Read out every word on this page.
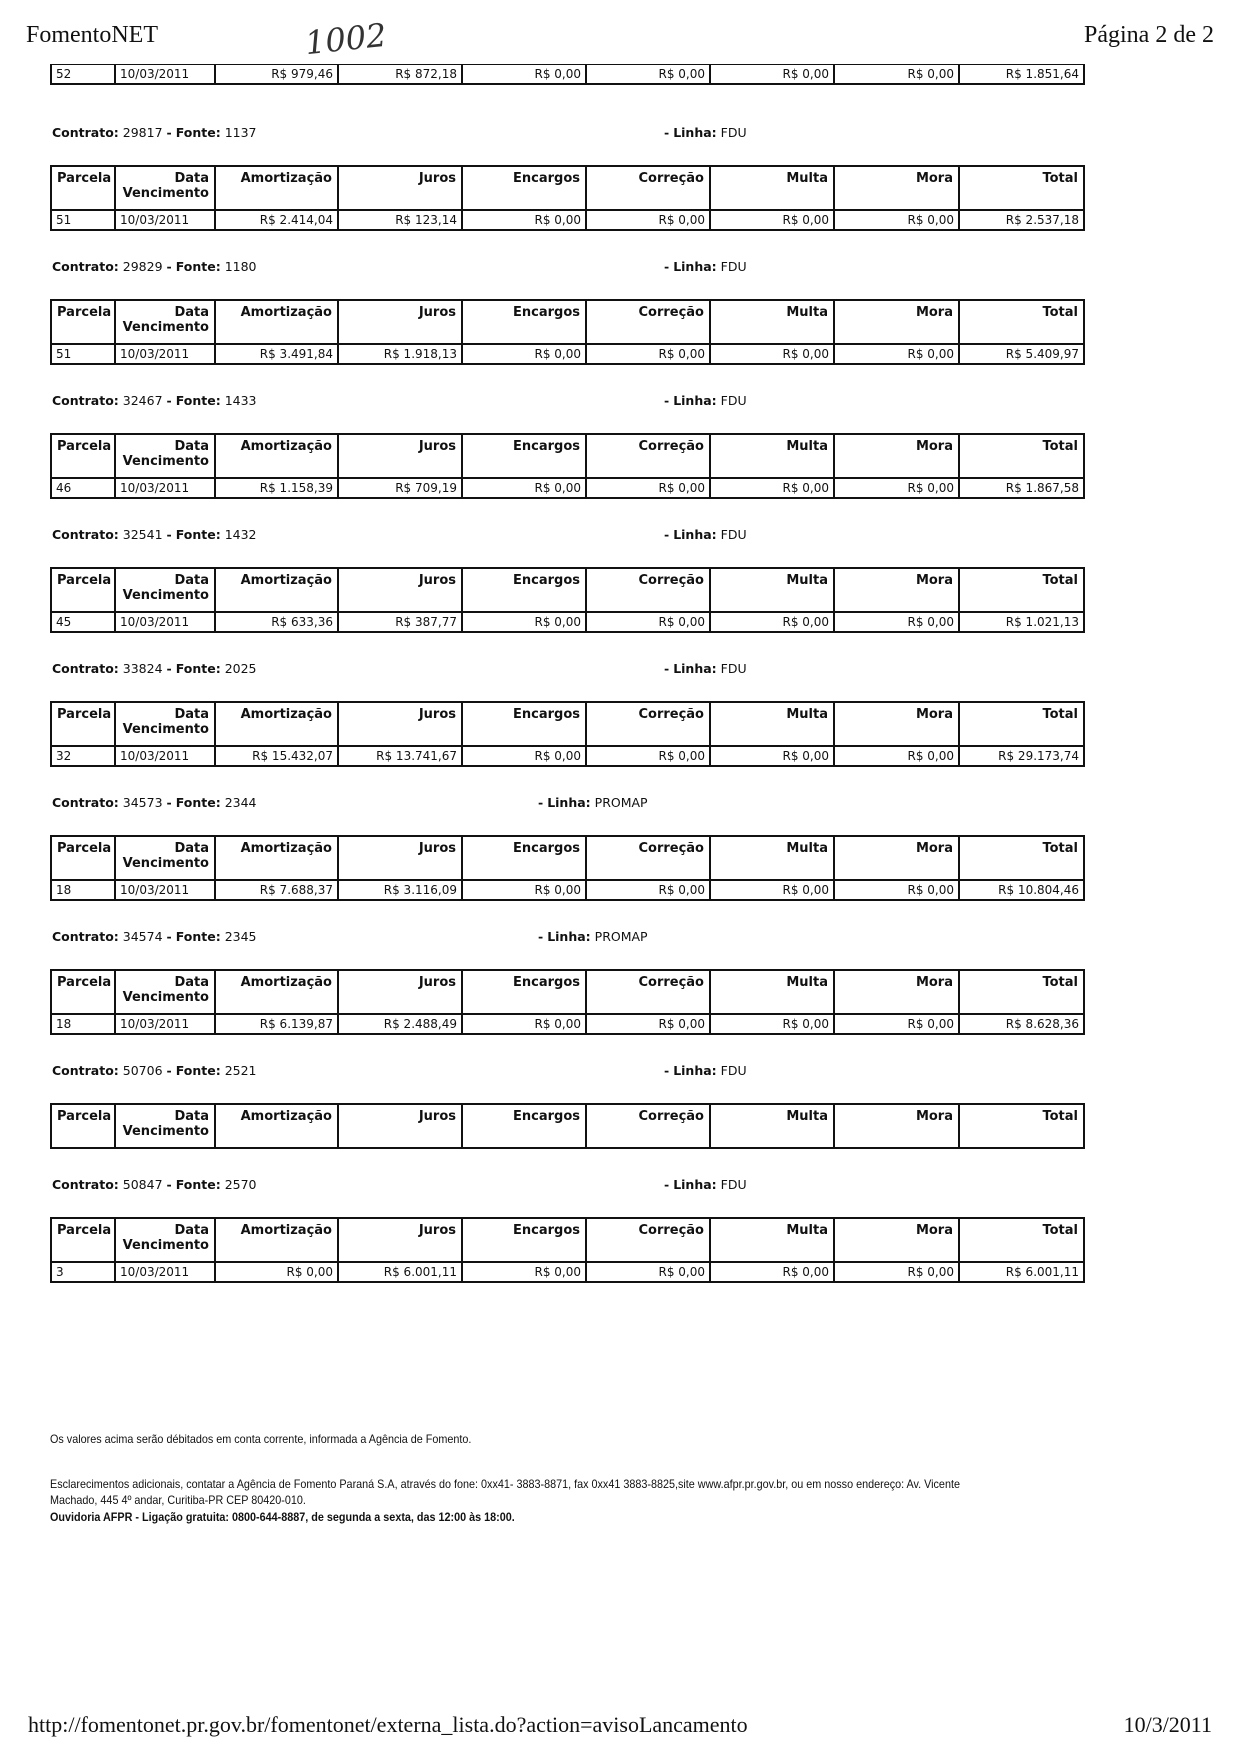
FomentoNET	1002	Página 2 de 2
52	10/03/2011	R$ 979,46	R$ 872,18	R$ 0,00	R$ 0,00	R$ 0,00	R$ 0,00	R$ 1.851,64
Contrato: 29817 - Fonte: 1137	- Linha: FDU
Parcela	Data Vencimento	Amortização	Juros	Encargos	Correção	Multa	Mora	Total
51	10/03/2011	R$ 2.414,04	R$ 123,14	R$ 0,00	R$ 0,00	R$ 0,00	R$ 0,00	R$ 2.537,18
Contrato: 29829 - Fonte: 1180	- Linha: FDU
Parcela	Data Vencimento	Amortização	Juros	Encargos	Correção	Multa	Mora	Total
51	10/03/2011	R$ 3.491,84	R$ 1.918,13	R$ 0,00	R$ 0,00	R$ 0,00	R$ 0,00	R$ 5.409,97
Contrato: 32467 - Fonte: 1433	- Linha: FDU
Parcela	Data Vencimento	Amortização	Juros	Encargos	Correção	Multa	Mora	Total
46	10/03/2011	R$ 1.158,39	R$ 709,19	R$ 0,00	R$ 0,00	R$ 0,00	R$ 0,00	R$ 1.867,58
Contrato: 32541 - Fonte: 1432	- Linha: FDU
Parcela	Data Vencimento	Amortização	Juros	Encargos	Correção	Multa	Mora	Total
45	10/03/2011	R$ 633,36	R$ 387,77	R$ 0,00	R$ 0,00	R$ 0,00	R$ 0,00	R$ 1.021,13
Contrato: 33824 - Fonte: 2025	- Linha: FDU
Parcela	Data Vencimento	Amortização	Juros	Encargos	Correção	Multa	Mora	Total
32	10/03/2011	R$ 15.432,07	R$ 13.741,67	R$ 0,00	R$ 0,00	R$ 0,00	R$ 0,00	R$ 29.173,74
Contrato: 34573 - Fonte: 2344	- Linha: PROMAP
Parcela	Data Vencimento	Amortização	Juros	Encargos	Correção	Multa	Mora	Total
18	10/03/2011	R$ 7.688,37	R$ 3.116,09	R$ 0,00	R$ 0,00	R$ 0,00	R$ 0,00	R$ 10.804,46
Contrato: 34574 - Fonte: 2345	- Linha: PROMAP
Parcela	Data Vencimento	Amortização	Juros	Encargos	Correção	Multa	Mora	Total
18	10/03/2011	R$ 6.139,87	R$ 2.488,49	R$ 0,00	R$ 0,00	R$ 0,00	R$ 0,00	R$ 8.628,36
Contrato: 50706 - Fonte: 2521	- Linha: FDU
Parcela	Data Vencimento	Amortização	Juros	Encargos	Correção	Multa	Mora	Total
Contrato: 50847 - Fonte: 2570	- Linha: FDU
Parcela	Data Vencimento	Amortização	Juros	Encargos	Correção	Multa	Mora	Total
3	10/03/2011	R$ 0,00	R$ 6.001,11	R$ 0,00	R$ 0,00	R$ 0,00	R$ 0,00	R$ 6.001,11
Os valores acima serão débitados em conta corrente, informada a Agência de Fomento.
Esclarecimentos adicionais, contatar a Agência de Fomento Paraná S.A, através do fone: 0xx41- 3883-8871, fax 0xx41 3883-8825,site www.afpr.pr.gov.br, ou em nosso endereço: Av. Vicente Machado, 445 4º andar, Curitiba-PR CEP 80420-010.
Ouvidoria AFPR - Ligação gratuita: 0800-644-8887, de segunda a sexta, das 12:00 às 18:00.
http://fomentonet.pr.gov.br/fomentonet/externa_lista.do?action=avisoLancamento	10/3/2011
